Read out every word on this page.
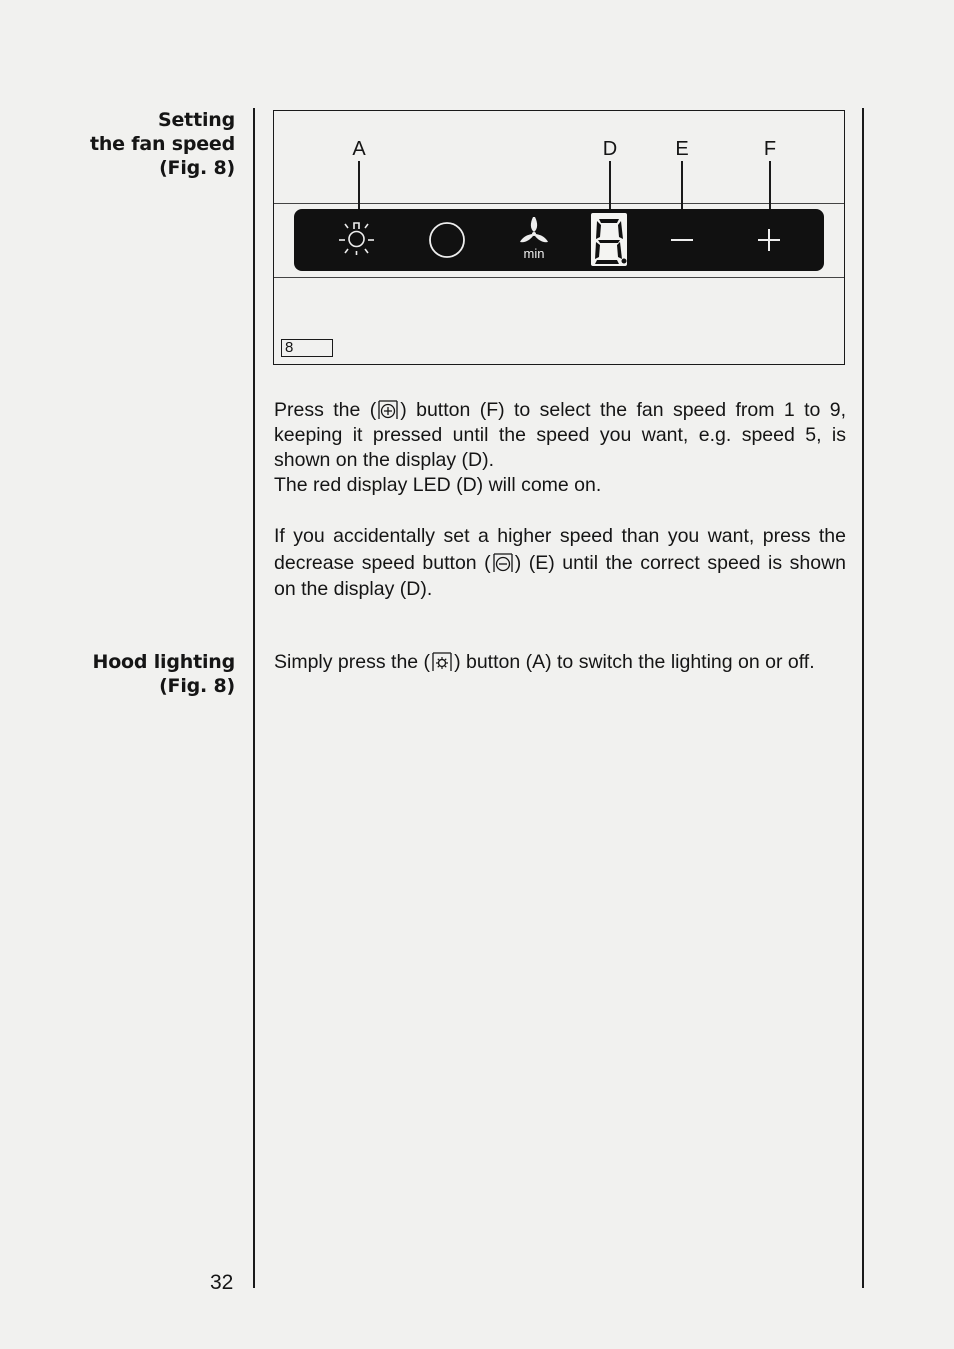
Setting
the fan speed
(Fig. 8)
Hood lighting
(Fig. 8)
A	D	E	F
min
8

Press the ( ) button (F) to select the fan speed from 1 to 9, keeping it pressed until the speed you want, e.g. speed 5, is shown on the display (D).

The red display LED (D) will come on.

If you accidentally set a higher speed than you want, press the decrease speed button ( ) (E) until the correct speed is shown on the display (D).

Simply press the ( ) button (A) to switch the lighting on or off.

32
